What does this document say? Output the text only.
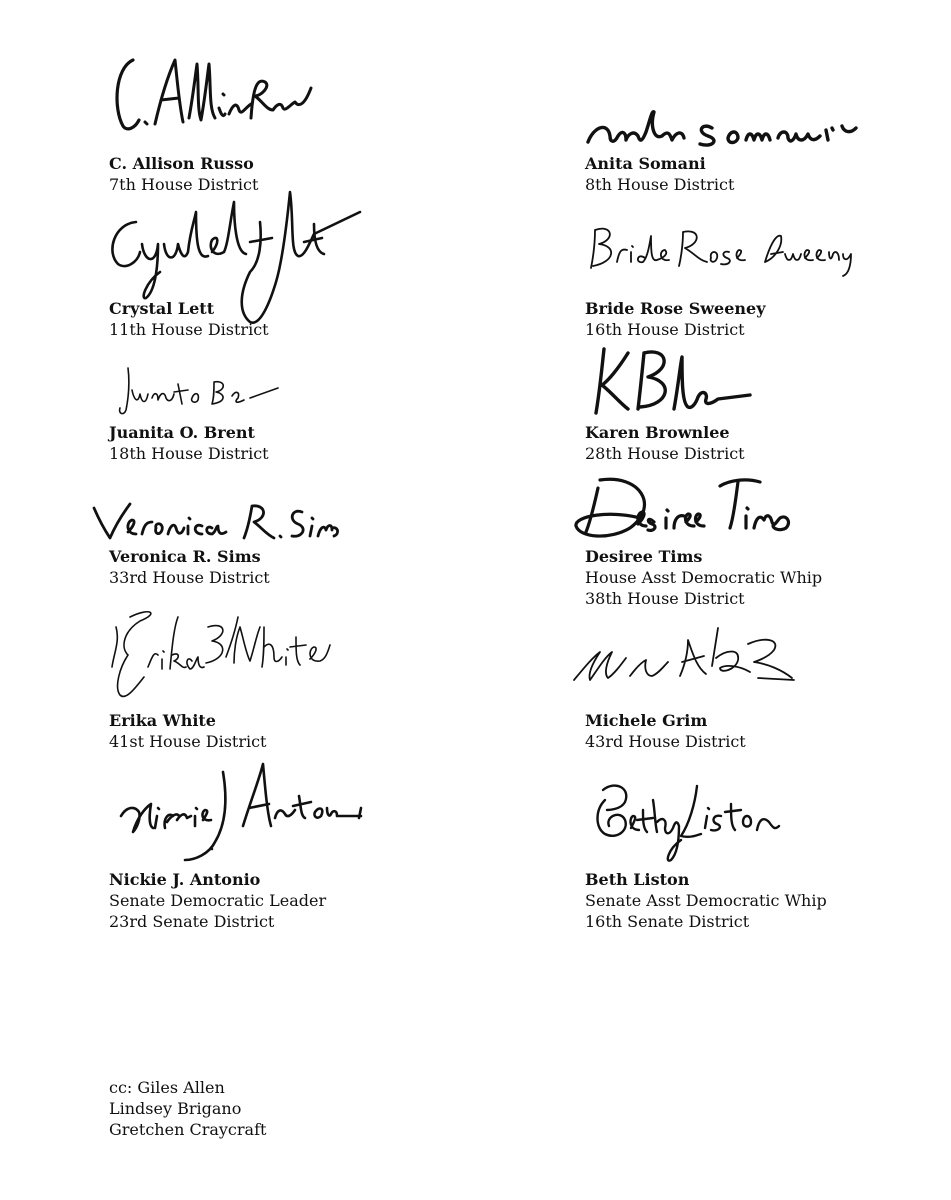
C. Allison Russo
7th House District
Crystal Lett
11th House District
Juanita O. Brent
18th House District
Veronica R. Sims
33rd House District
Erika White
41st House District
Nickie J. Antonio
Senate Democratic Leader
23rd Senate District
Anita Somani
8th House District
Bride Rose Sweeney
16th House District
Karen Brownlee
28th House District
Desiree Tims
House Asst Democratic Whip
38th House District
Michele Grim
43rd House District
Beth Liston
Senate Asst Democratic Whip
16th Senate District
cc: Giles Allen
Lindsey Brigano
Gretchen Craycraft
